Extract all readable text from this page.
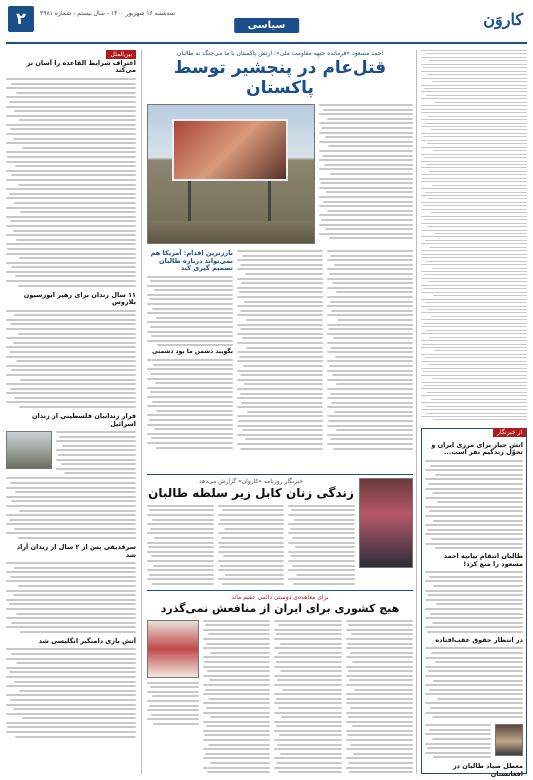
کاروَن
سیاسی
سه‌شنبه ۱۶ شهریور ۱۴۰۰ - سال بیستم - شماره ۴۹۸۱
۲
از خبرنگار
اتش جیاز برای مرزی ایران و تحوّل زندگیم نفر است...
طالبان انتقام بیانیه احمد مسعود را منع کرد!
در انتظار حقوق عقب‌افتاده
معطل صیاد طالبان در افغانستان
احمد مسعود «فرمانده جبهه مقاومت ملی»: ارتش پاکستان با ما می‌جنگد نه طالبان
قتل‌عام در پنجشیر توسط پاکستان
بارزترین اقدام: آمریکا هم نمی‌تواند درباره طالبان تصمیم گیری کند
بگویید دشمن ما بود دشمنی
خبرنگار روزنامه «کاروان» گزارش می‌دهد
زندگی زنان کابل زیر سلطه طالبان
برای معاهده‌ی دوستی دائمی عقیم ماند
هیچ کشوری برای ایران از منافعش نمی‌گذرد
بین‌الملل
اعتراف شرایط القاعده را آسان تر می‌کند
۱۱ سال زندان برای رهبر ایوزسیون بلاروس
فرار زندانیان فلسطینی از زندان اسرائیل
سرقدیقی پس از ۲ سال از زندان آزاد شد
آتش بازی دامنگیر انگلیسی شد
